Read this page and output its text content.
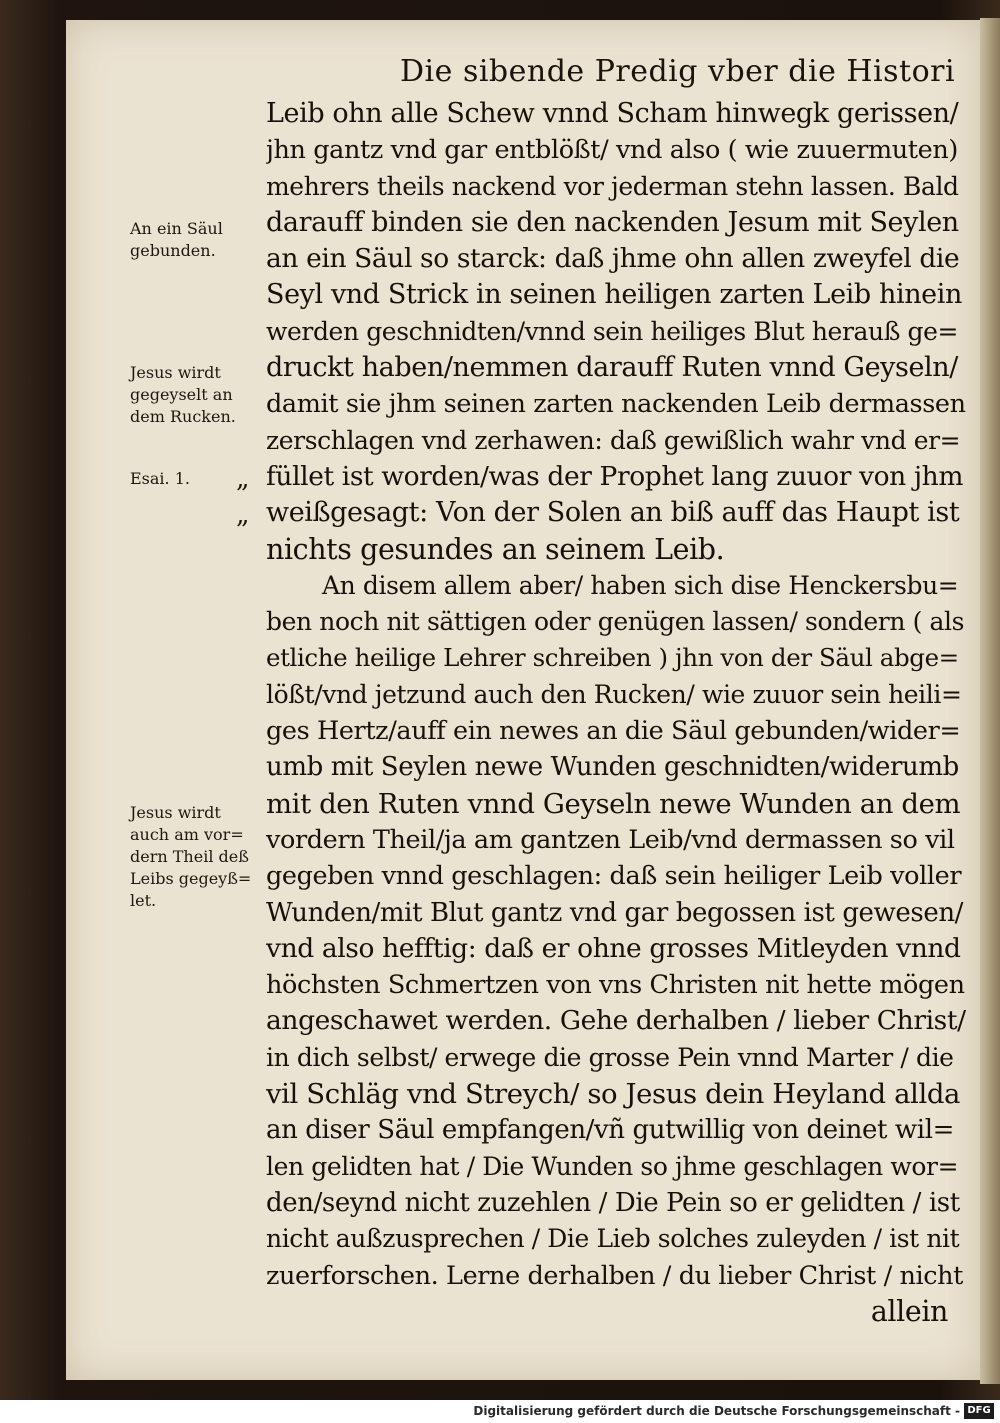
Die sibende Predig vber die Histori
An ein Säul
gebunden.
Jesus wirdt
gegeyselt an
dem Rucken.
Esai. 1.
Jesus wirdt
auch am vor=
dern Theil deß
Leibs gegeyß=
let.
„
„
Leib ohn alle Schew vnnd Scham hinwegk gerissen/
jhn gantz vnd gar entblößt/ vnd also ( wie zuuermuten)
mehrers theils nackend vor jederman stehn lassen. Bald
darauff binden sie den nackenden Jesum mit Seylen
an ein Säul so starck: daß jhme ohn allen zweyfel die
Seyl vnd Strick in seinen heiligen zarten Leib hinein
werden geschnidten/vnnd sein heiliges Blut herauß ge=
druckt haben/nemmen darauff Ruten vnnd Geyseln/
damit sie jhm seinen zarten nackenden Leib dermassen
zerschlagen vnd zerhawen: daß gewißlich wahr vnd er=
füllet ist worden/was der Prophet lang zuuor von jhm
weißgesagt: Von der Solen an biß auff das Haupt ist
nichts gesundes an seinem Leib.
An disem allem aber/ haben sich dise Henckersbu=
ben noch nit sättigen oder genügen lassen/ sondern ( als
etliche heilige Lehrer schreiben ) jhn von der Säul abge=
lößt/vnd jetzund auch den Rucken/ wie zuuor sein heili=
ges Hertz/auff ein newes an die Säul gebunden/wider=
umb mit Seylen newe Wunden geschnidten/widerumb
mit den Ruten vnnd Geyseln newe Wunden an dem
vordern Theil/ja am gantzen Leib/vnd dermassen so vil
gegeben vnnd geschlagen: daß sein heiliger Leib voller
Wunden/mit Blut gantz vnd gar begossen ist gewesen/
vnd also hefftig: daß er ohne grosses Mitleyden vnnd
höchsten Schmertzen von vns Christen nit hette mögen
angeschawet werden. Gehe derhalben / lieber Christ/
in dich selbst/ erwege die grosse Pein vnnd Marter / die
vil Schläg vnd Streych/ so Jesus dein Heyland allda
an diser Säul empfangen/vñ gutwillig von deinet wil=
len gelidten hat / Die Wunden so jhme geschlagen wor=
den/seynd nicht zuzehlen / Die Pein so er gelidten / ist
nicht außzusprechen / Die Lieb solches zuleyden / ist nit
zuerforschen. Lerne derhalben / du lieber Christ / nicht
allein
Digitalisierung gefördert durch die Deutsche Forschungsgemeinschaft - DFG
